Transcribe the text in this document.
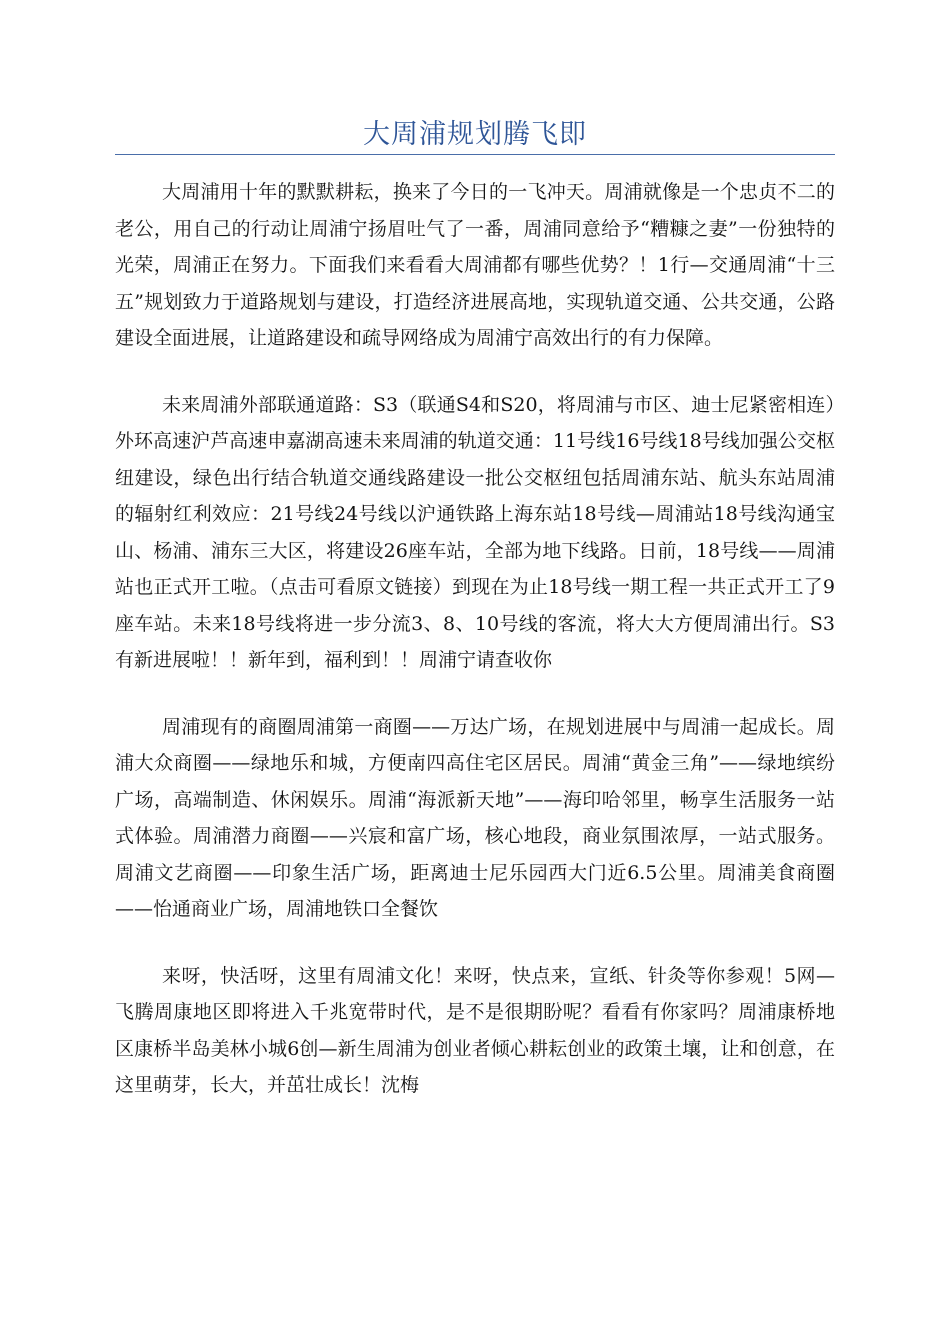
大周浦规划腾飞即

大周浦用十年的默默耕耘，换来了今日的一飞冲天。周浦就像是一个忠贞不二的老公，用自己的行动让周浦宁扬眉吐气了一番，周浦同意给予“糟糠之妻”一份独特的光荣，周浦正在努力。下面我们来看看大周浦都有哪些优势？！1行—交通周浦“十三五”规划致力于道路规划与建设，打造经济进展高地，实现轨道交通、公共交通，公路建设全面进展，让道路建设和疏导网络成为周浦宁高效出行的有力保障。

未来周浦外部联通道路：S3（联通S4和S20，将周浦与市区、迪士尼紧密相连）外环高速沪芦高速申嘉湖高速未来周浦的轨道交通：11号线16号线18号线加强公交枢纽建设，绿色出行结合轨道交通线路建设一批公交枢纽包括周浦东站、航头东站周浦的辐射红利效应：21号线24号线以沪通铁路上海东站18号线—周浦站18号线沟通宝山、杨浦、浦东三大区，将建设26座车站，全部为地下线路。日前，18号线——周浦站也正式开工啦。（点击可看原文链接）到现在为止18号线一期工程一共正式开工了9座车站。未来18号线将进一步分流3、8、10号线的客流，将大大方便周浦出行。S3有新进展啦！！新年到，福利到！！周浦宁请查收你

周浦现有的商圈周浦第一商圈——万达广场，在规划进展中与周浦一起成长。周浦大众商圈——绿地乐和城，方便南四高住宅区居民。周浦“黄金三角”——绿地缤纷广场，高端制造、休闲娱乐。周浦“海派新天地”——海印哈邻里，畅享生活服务一站式体验。周浦潜力商圈——兴宸和富广场，核心地段，商业氛围浓厚，一站式服务。周浦文艺商圈——印象生活广场，距离迪士尼乐园西大门近6.5公里。周浦美食商圈——怡通商业广场，周浦地铁口全餐饮

来呀，快活呀，这里有周浦文化！来呀，快点来，宣纸、针灸等你参观！5网—飞腾周康地区即将进入千兆宽带时代，是不是很期盼呢？看看有你家吗？周浦康桥地区康桥半岛美林小城6创—新生周浦为创业者倾心耕耘创业的政策土壤，让和创意，在这里萌芽，长大，并茁壮成长！沈梅
